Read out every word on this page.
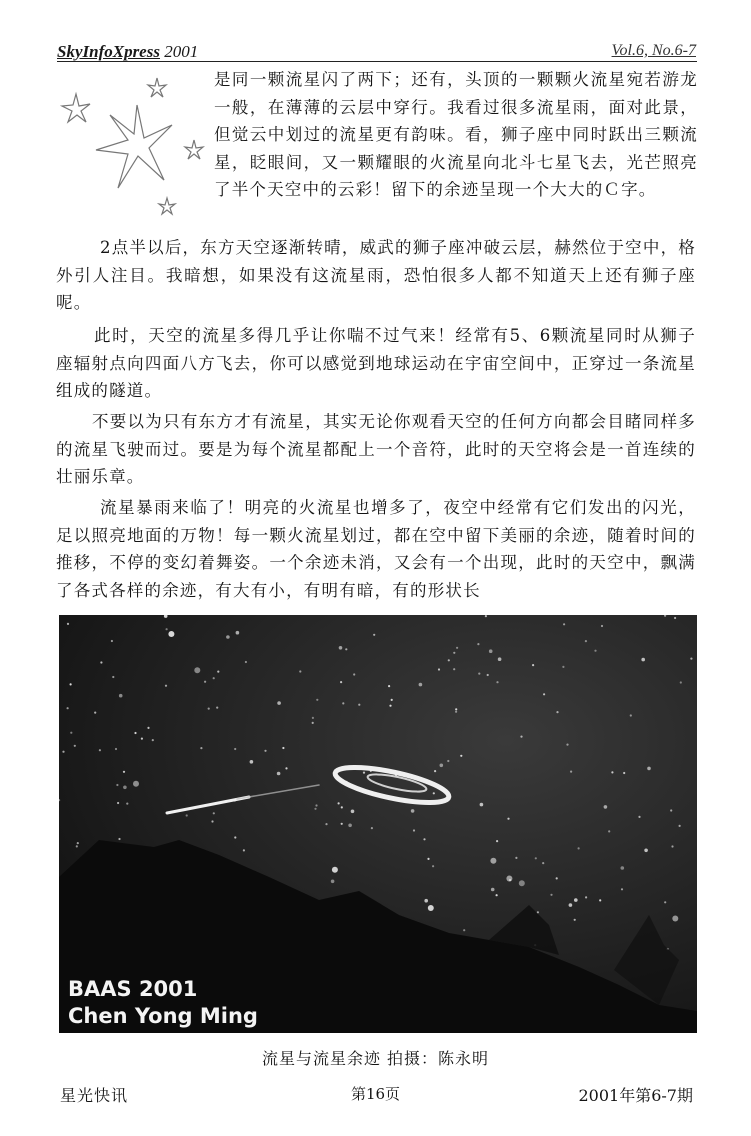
SkyInfoXpress 2001	Vol.6, No.6-7

是同一颗流星闪了两下；还有，头顶的一颗颗火流星宛若游龙一般，在薄薄的云层中穿行。我看过很多流星雨，面对此景，但觉云中划过的流星更有韵味。看，狮子座中同时跃出三颗流星，眨眼间，又一颗耀眼的火流星向北斗七星飞去，光芒照亮了半个天空中的云彩！留下的余迹呈现一个大大的Ｃ字。

2点半以后，东方天空逐渐转晴，威武的狮子座冲破云层，赫然位于空中，格外引人注目。我暗想，如果没有这流星雨，恐怕很多人都不知道天上还有狮子座呢。

此时，天空的流星多得几乎让你喘不过气来！经常有5、6颗流星同时从狮子座辐射点向四面八方飞去，你可以感觉到地球运动在宇宙空间中，正穿过一条流星组成的隧道。

不要以为只有东方才有流星，其实无论你观看天空的任何方向都会目睹同样多的流星飞驶而过。要是为每个流星都配上一个音符，此时的天空将会是一首连续的壮丽乐章。

流星暴雨来临了！明亮的火流星也增多了，夜空中经常有它们发出的闪光，足以照亮地面的万物！每一颗火流星划过，都在空中留下美丽的余迹，随着时间的推移，不停的变幻着舞姿。一个余迹未消，又会有一个出现，此时的天空中，飘满了各式各样的余迹，有大有小，有明有暗，有的形状长

BAAS 2001
Chen Yong Ming
流星与流星余迹 拍摄：陈永明
星光快讯	第16页	2001年第6-7期
